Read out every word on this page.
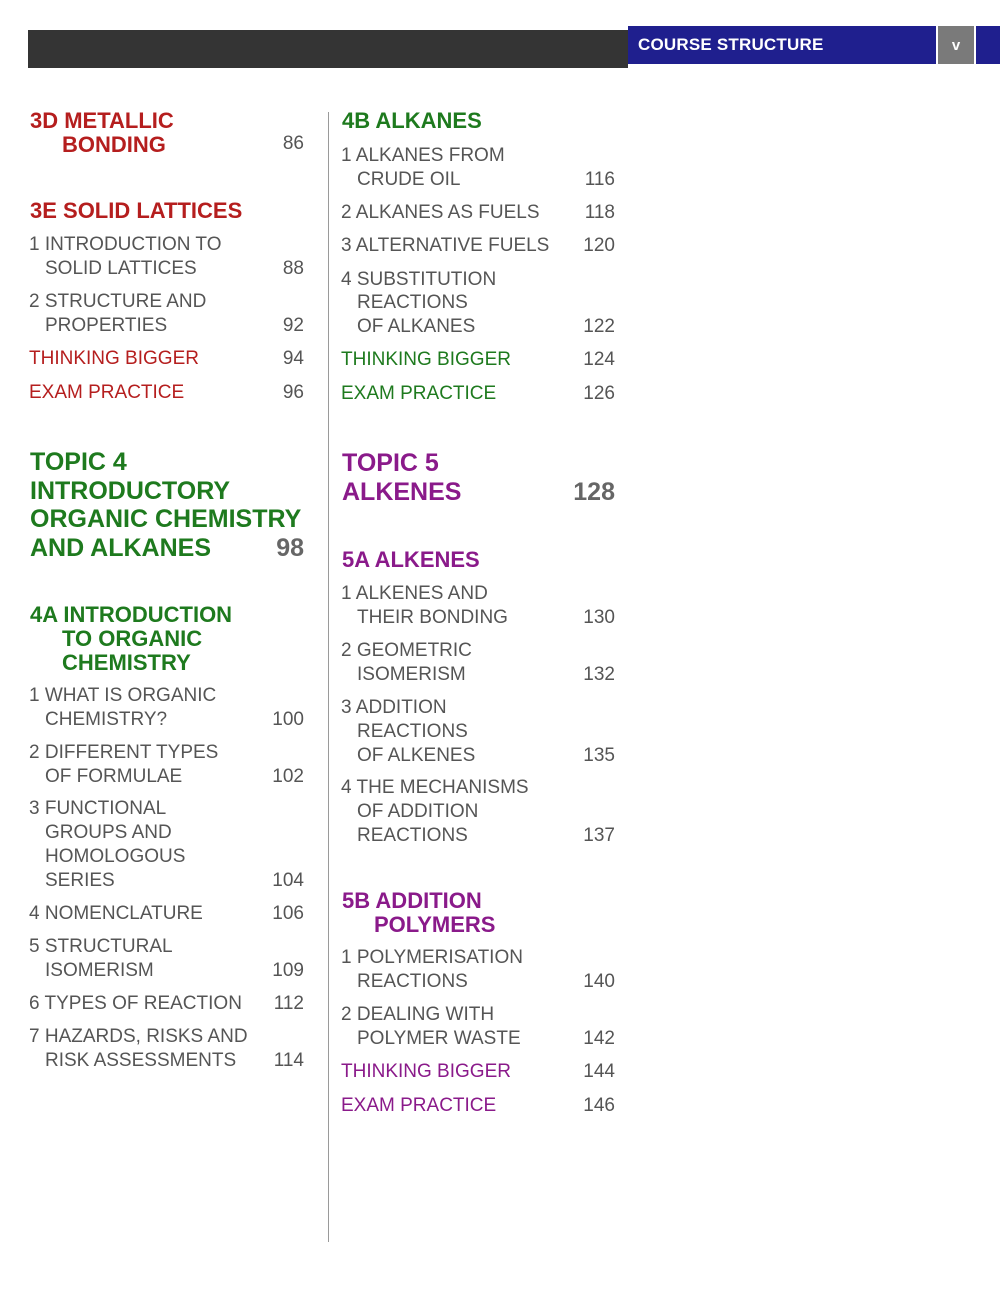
COURSE STRUCTURE	v
3D METALLIC
BONDING	86
3E SOLID LATTICES
1 INTRODUCTION TO
SOLID LATTICES	88
2 STRUCTURE AND
PROPERTIES	92
THINKING BIGGER	94
EXAM PRACTICE	96
TOPIC 4
INTRODUCTORY
ORGANIC CHEMISTRY
AND ALKANES	98
4A INTRODUCTION
TO ORGANIC
CHEMISTRY
1 WHAT IS ORGANIC
CHEMISTRY?	100
2 DIFFERENT TYPES
OF FORMULAE	102
3 FUNCTIONAL
GROUPS AND
HOMOLOGOUS
SERIES	104
4 NOMENCLATURE	106
5 STRUCTURAL
ISOMERISM	109
6 TYPES OF REACTION	112
7 HAZARDS, RISKS AND
RISK ASSESSMENTS	114
4B ALKANES
1 ALKANES FROM
CRUDE OIL	116
2 ALKANES AS FUELS	118
3 ALTERNATIVE FUELS	120
4 SUBSTITUTION
REACTIONS
OF ALKANES	122
THINKING BIGGER	124
EXAM PRACTICE	126
TOPIC 5
ALKENES	128
5A ALKENES
1 ALKENES AND
THEIR BONDING	130
2 GEOMETRIC
ISOMERISM	132
3 ADDITION
REACTIONS
OF ALKENES	135
4 THE MECHANISMS
OF ADDITION
REACTIONS	137
5B ADDITION
POLYMERS
1 POLYMERISATION
REACTIONS	140
2 DEALING WITH
POLYMER WASTE	142
THINKING BIGGER	144
EXAM PRACTICE	146
